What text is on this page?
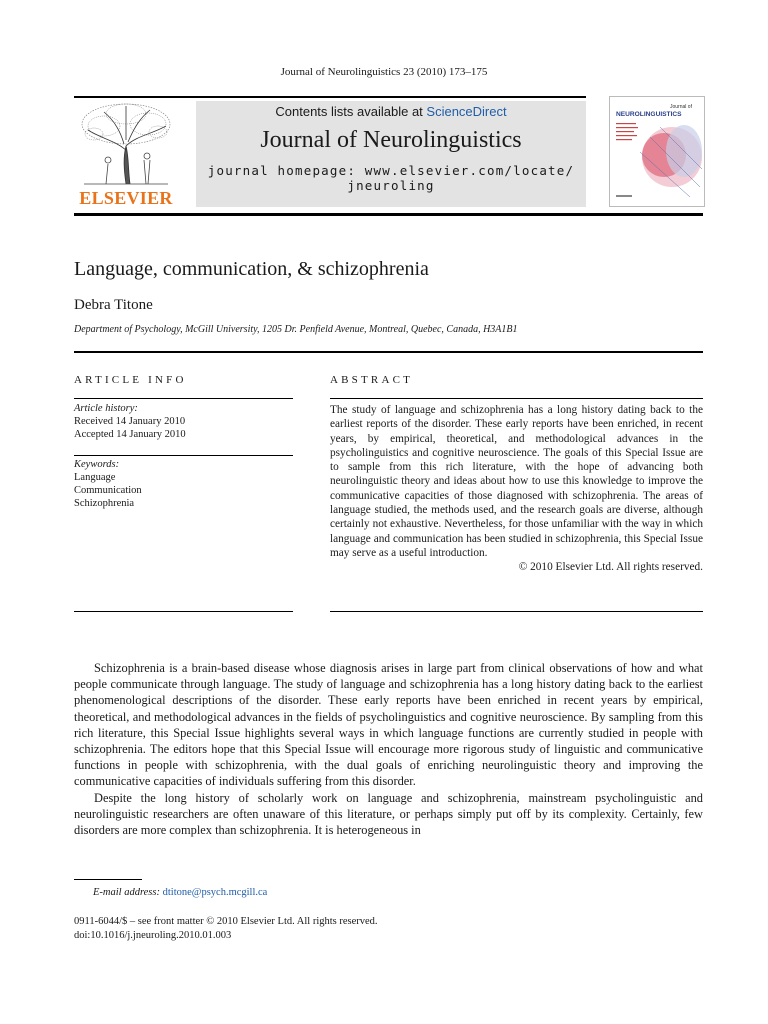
Journal of Neurolinguistics 23 (2010) 173–175
ELSEVIER
Contents lists available at ScienceDirect
Journal of Neurolinguistics
journal homepage: www.elsevier.com/locate/ jneuroling
Journal of
NEUROLINGUISTICS
Language, communication, & schizophrenia
Debra Titone
Department of Psychology, McGill University, 1205 Dr. Penfield Avenue, Montreal, Quebec, Canada, H3A1B1
ARTICLE INFO
Article history:
Received 14 January 2010
Accepted 14 January 2010
Keywords:
Language
Communication
Schizophrenia
ABSTRACT
The study of language and schizophrenia has a long history dating back to the earliest reports of the disorder. These early reports have been enriched, in recent years, by empirical, theoretical, and methodological advances in the psycholinguistics and cognitive neuroscience. The goals of this Special Issue are to sample from this rich literature, with the hope of advancing both neurolinguistic theory and ideas about how to use this knowledge to improve the communicative capacities of those diagnosed with schizophrenia. The areas of language studied, the methods used, and the research goals are diverse, although certainly not exhaustive. Nevertheless, for those unfamiliar with the way in which language and communication has been studied in schizophrenia, this Special Issue may serve as a useful introduction.
© 2010 Elsevier Ltd. All rights reserved.

Schizophrenia is a brain-based disease whose diagnosis arises in large part from clinical observations of how and what people communicate through language. The study of language and schizophrenia has a long history dating back to the earliest phenomenological descriptions of the disorder. These early reports have been enriched in recent years by empirical, theoretical, and methodological advances in the fields of psycholinguistics and cognitive neuroscience. By sampling from this rich literature, this Special Issue highlights several ways in which language functions are currently studied in people with schizophrenia. The editors hope that this Special Issue will encourage more rigorous study of linguistic and communicative functions in people with schizophrenia, with the dual goals of enriching neurolinguistic theory and improving the communicative capacities of individuals suffering from this disorder.

Despite the long history of scholarly work on language and schizophrenia, mainstream psycholinguistic and neurolinguistic researchers are often unaware of this literature, or perhaps simply put off by its complexity. Certainly, few disorders are more complex than schizophrenia. It is heterogeneous in

E-mail address: dtitone@psych.mcgill.ca
0911-6044/$ – see front matter © 2010 Elsevier Ltd. All rights reserved.
doi:10.1016/j.jneuroling.2010.01.003
